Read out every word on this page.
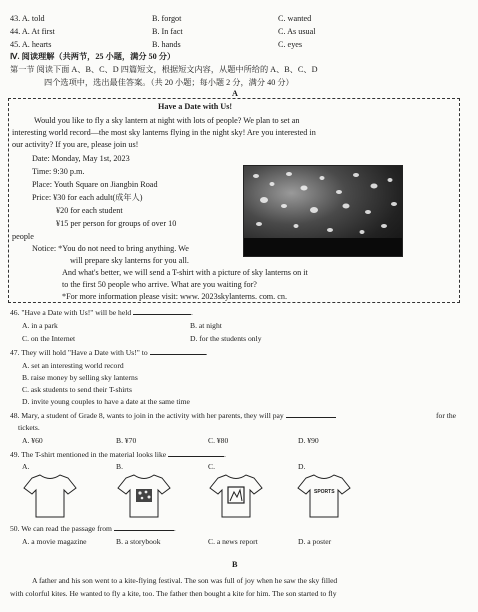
43. A. told	B. forgot	C. wanted
44. A. At first	B. In fact	C. As usual
45. A. hearts	B. hands	C. eyes
Ⅳ. 阅读理解（共两节，25 小题，满分 50 分）
第一节 阅读下面 A、B、C、D 四篇短文，根据短文内容，从题中所给的 A、B、C、D
四个选项中，选出最佳答案。（共 20 小题；每小题 2 分，满分 40 分）
A
Have a Date with Us!
Would you like to fly a sky lantern at night with lots of people? We plan to set an
interesting world record—the most sky lanterns flying in the night sky! Are you interested in
our activity? If you are, please join us!
Date: Monday, May 1st, 2023
Time: 9:30 p.m.
Place: Youth Square on Jiangbin Road
Price: ¥30 for each adult(成年人)
¥20 for each student
¥15 per person for groups of over 10
people
Notice: *You do not need to bring anything. We
will prepare sky lanterns for you all.
And what's better, we will send a T-shirt with a picture of sky lanterns on it
to the first 50 people who arrive. What are you waiting for?
*For more information please visit: www. 2023skylanterns. com. cn.
46. "Have a Date with Us!" will be held	.
A. in a park	B. at night
C. on the Internet	D. for the students only
47. They will hold "Have a Date with Us!" to	.
A. set an interesting world record
B. raise money by selling sky lanterns
C. ask students to send their T-shirts
D. invite young couples to have a date at the same time
48. Mary, a student of Grade 8, wants to join in the activity with her parents, they will pay	for the
tickets.
A. ¥60	B. ¥70	C. ¥80	D. ¥90
49. The T-shirt mentioned in the material looks like	.
A.	B.	C.	D.
SPORTS
50. We can read the passage from	.
A. a movie magazine	B. a storybook	C. a news report	D. a poster
B
A father and his son went to a kite-flying festival. The son was full of joy when he saw the sky filled
with colorful kites. He wanted to fly a kite, too. The father then bought a kite for him. The son started to fly
